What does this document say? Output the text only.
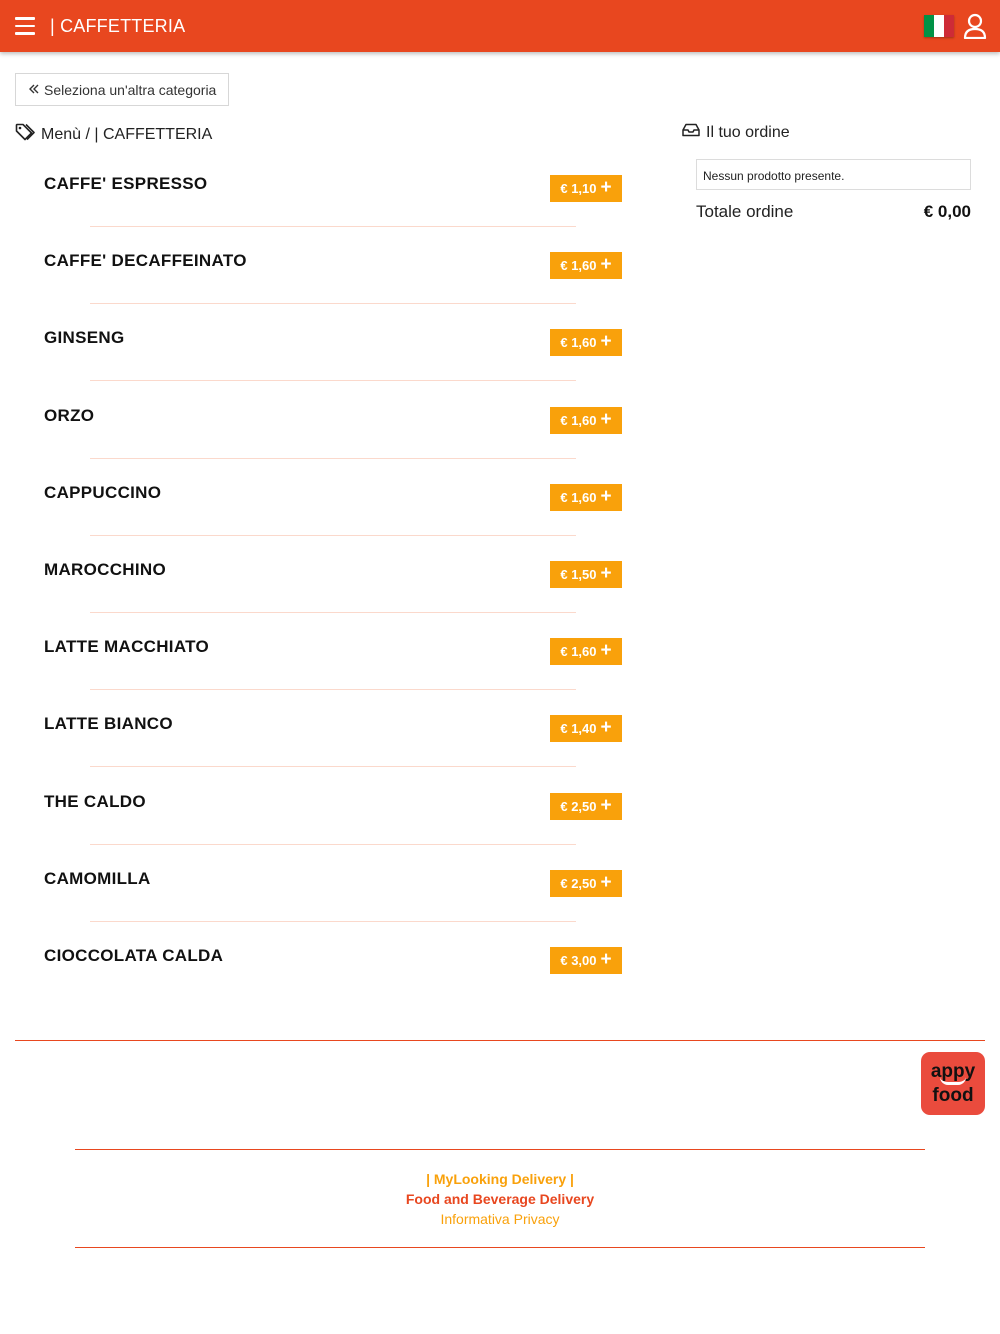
| CAFFETTERIA
Seleziona un'altra categoria
Menù / | CAFFETTERIA
CAFFE' ESPRESSO	€ 1,10 +
CAFFE' DECAFFEINATO	€ 1,60 +
GINSENG	€ 1,60 +
ORZO	€ 1,60 +
CAPPUCCINO	€ 1,60 +
MAROCCHINO	€ 1,50 +
LATTE MACCHIATO	€ 1,60 +
LATTE BIANCO	€ 1,40 +
THE CALDO	€ 2,50 +
CAMOMILLA	€ 2,50 +
CIOCCOLATA CALDA	€ 3,00 +
Il tuo ordine
Nessun prodotto presente.
Totale ordine	€ 0,00
appy
food
| MyLooking Delivery |
Food and Beverage Delivery
Informativa Privacy
